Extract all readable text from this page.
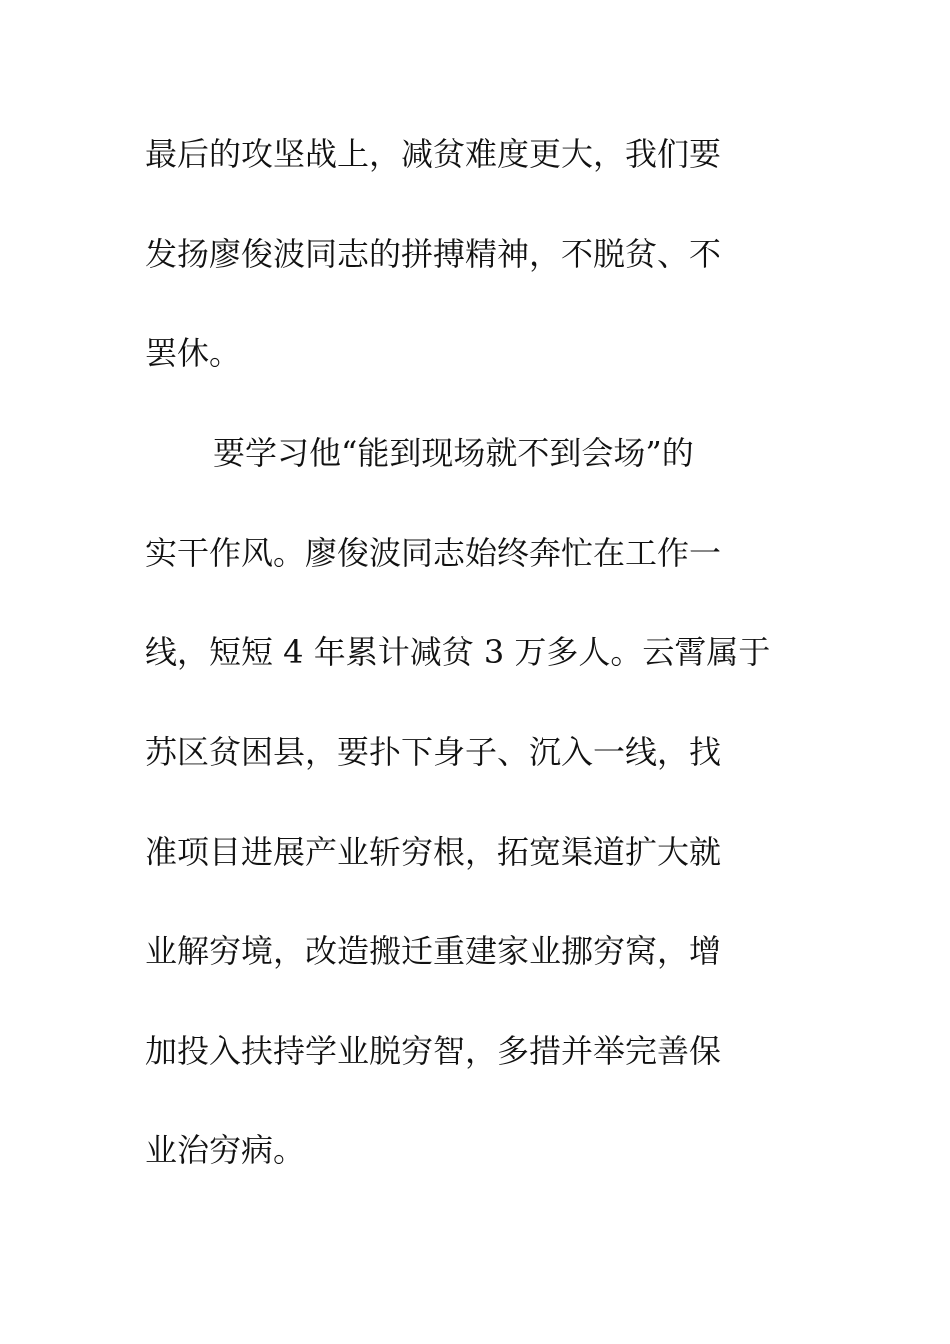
最后的攻坚战上，减贫难度更大，我们要

发扬廖俊波同志的拼搏精神，不脱贫、不

罢休。

要学习他“能到现场就不到会场”的

实干作风。廖俊波同志始终奔忙在工作一

线，短短 4 年累计减贫 3 万多人。云霄属于

苏区贫困县，要扑下身子、沉入一线，找

准项目进展产业斩穷根，拓宽渠道扩大就

业解穷境，改造搬迁重建家业挪穷窝，增

加投入扶持学业脱穷智，多措并举完善保

业治穷病。
